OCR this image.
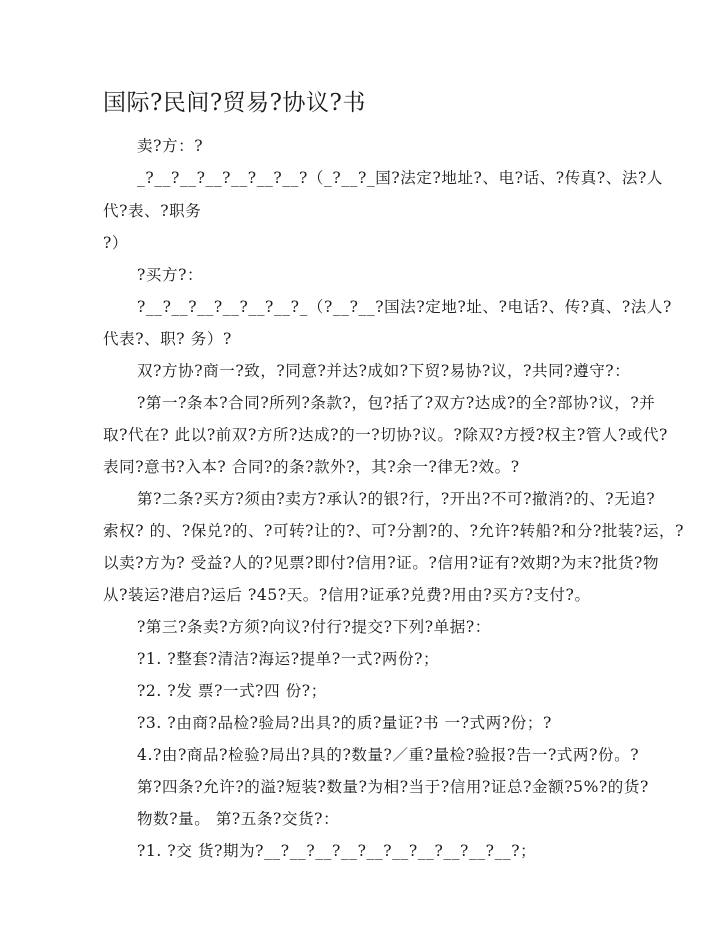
国际?民间?贸易?协议?书
卖?方：?
_?__?__?__?__?__?__?（_?__?_国?法定?地址?、电?话、?传真?、法?人
代?表、?职务
?）
?买方?：
?__?__?__?__?__?__?_（?__?__?国法?定地?址、?电话?、传?真、?法人?
代表?、职? 务）?
双?方协?商一?致，?同意?并达?成如?下贸?易协?议，?共同?遵守?：
?第一?条本?合同?所列?条款?，包?括了?双方?达成?的全?部协?议，?并
取?代在? 此以?前双?方所?达成?的一?切协?议。?除双?方授?权主?管人?或代?
表同?意书?入本? 合同?的条?款外?，其?余一?律无?效。?
第?二条?买方?须由?卖方?承认?的银?行，?开出?不可?撤消?的、?无追?
索权? 的、?保兑?的、?可转?让的?、可?分割?的、?允许?转船?和分?批装?运，?
以卖?方为? 受益?人的?见票?即付?信用?证。?信用?证有?效期?为末?批货?物
从?装运?港启?运后 ?45?天。?信用?证承?兑费?用由?买方?支付?。
?第三?条卖?方须?向议?付行?提交?下列?单据?：
?1. ?整套?清洁?海运?提单?一式?两份?；
?2. ?发 票?一式?四 份?；
?3. ?由商?品检?验局?出具?的质?量证?书 一?式两?份；?
4.?由?商品?检验?局出?具的?数量?／重?量检?验报?告一?式两?份。?
第?四条?允许?的溢?短装?数量?为相?当于?信用?证总?金额?5%?的货?
物数?量。 第?五条?交货?：
?1. ?交 货?期为?__?__?__?__?__?__?__?__?__?__?；
